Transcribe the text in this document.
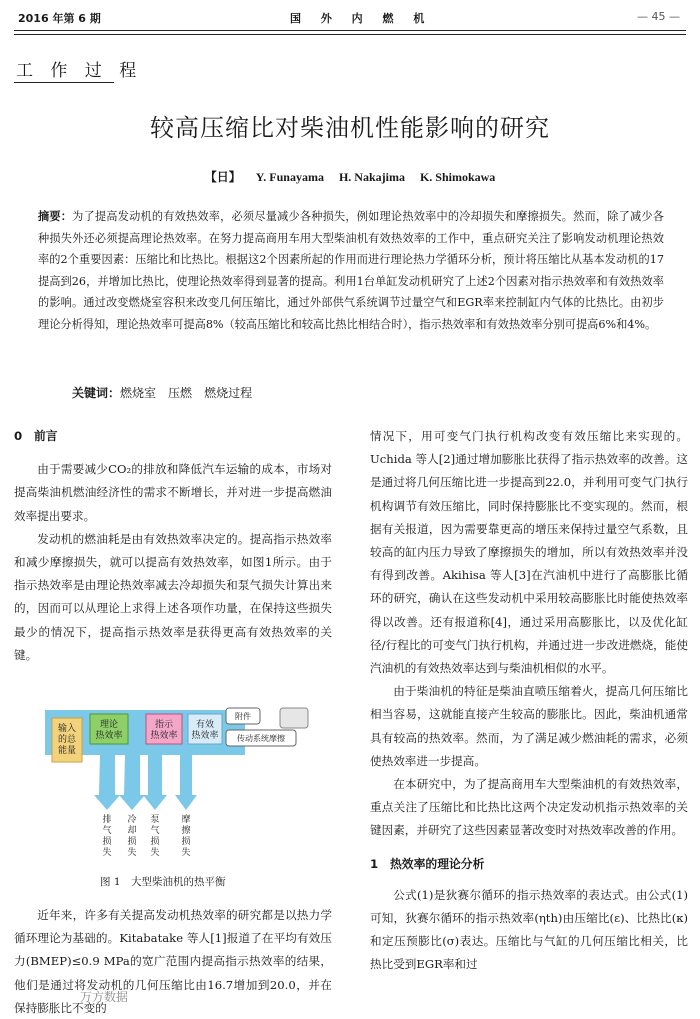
2016 年第 6 期	国 外 内 燃 机	— 45 —
工 作 过 程
较高压缩比对柴油机性能影响的研究
【日】 Y. Funayama H. Nakajima K. Shimokawa
摘要：为了提高发动机的有效热效率，必须尽量减少各种损失，例如理论热效率中的冷却损失和摩擦损失。然而，除了减少各种损失外还必须提高理论热效率。在努力提高商用车用大型柴油机有效热效率的工作中，重点研究关注了影响发动机理论热效率的2个重要因素：压缩比和比热比。根据这2个因素所起的作用而进行理论热力学循环分析，预计将压缩比从基本发动机的17提高到26，并增加比热比，使理论热效率得到显著的提高。利用1台单缸发动机研究了上述2个因素对指示热效率和有效热效率的影响。通过改变燃烧室容积来改变几何压缩比，通过外部供气系统调节过量空气和EGR率来控制缸内气体的比热比。由初步理论分析得知，理论热效率可提高8%（较高压缩比和较高比热比相结合时），指示热效率和有效热效率分别可提高6%和4%。
关键词：燃烧室　 压燃　 燃烧过程
0　前言
由于需要减少CO₂的排放和降低汽车运输的成本，市场对提高柴油机燃油经济性的需求不断增长，并对进一步提高燃油效率提出要求。
发动机的燃油耗是由有效热效率决定的。提高指示热效率和减少摩擦损失，就可以提高有效热效率，如图1所示。由于指示热效率是由理论热效率减去冷却损失和泵气损失计算出来的，因而可以从理论上求得上述各项作功量，在保持这些损失最少的情况下，提高指示热效率是获得更高有效热效率的关键。
输入的总能量
理论热效率
指示热效率
有效热效率
附件
传动系统摩擦
排气损失
冷却损失
泵气损失
摩擦损失
图 1　大型柴油机的热平衡
近年来，许多有关提高发动机热效率的研究都是以热力学循环理论为基础的。Kitabatake 等人[1]报道了在平均有效压力(BMEP)≤0.9 MPa的宽广范围内提高指示热效率的结果，他们是通过将发动机的几何压缩比由16.7增加到20.0，并在保持膨胀比不变的
万方数据
情况下，用可变气门执行机构改变有效压缩比来实现的。Uchida 等人[2]通过增加膨胀比获得了指示热效率的改善。这是通过将几何压缩比进一步提高到22.0，并利用可变气门执行机构调节有效压缩比，同时保持膨胀比不变实现的。然而，根据有关报道，因为需要靠更高的增压来保持过量空气系数，且较高的缸内压力导致了摩擦损失的增加，所以有效热效率并没有得到改善。Akihisa 等人[3]在汽油机中进行了高膨胀比循环的研究，确认在这些发动机中采用较高膨胀比时能使热效率得以改善。还有报道称[4]，通过采用高膨胀比，以及优化缸径/行程比的可变气门执行机构，并通过进一步改进燃烧，能使汽油机的有效热效率达到与柴油机相似的水平。
由于柴油机的特征是柴油直喷压缩着火，提高几何压缩比相当容易，这就能直接产生较高的膨胀比。因此，柴油机通常具有较高的热效率。然而，为了满足减少燃油耗的需求，必须使热效率进一步提高。
在本研究中，为了提高商用车大型柴油机的有效热效率，重点关注了压缩比和比热比这两个决定发动机指示热效率的关键因素，并研究了这些因素显著改变时对热效率改善的作用。
1　热效率的理论分析
公式(1)是狄赛尔循环的指示热效率的表达式。由公式(1)可知，狄赛尔循环的指示热效率(ηth)由压缩比(ε)、比热比(κ)和定压预膨比(σ)表达。压缩比与气缸的几何压缩比相关，比热比受到EGR率和过
